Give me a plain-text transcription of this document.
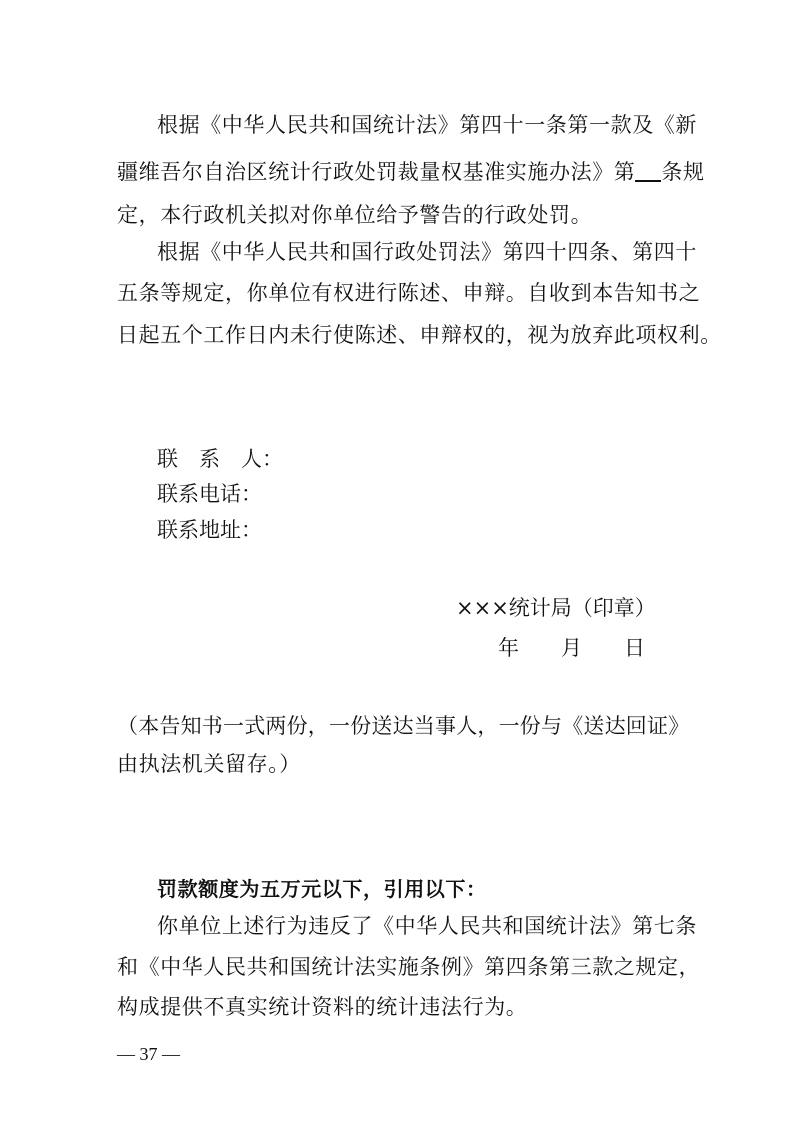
根据《中华人民共和国统计法》第四十一条第一款及《新
疆维吾尔自治区统计行政处罚裁量权基准实施办法》第 条规
定，本行政机关拟对你单位给予警告的行政处罚。
根据《中华人民共和国行政处罚法》第四十四条、第四十
五条等规定，你单位有权进行陈述、申辩。自收到本告知书之
日起五个工作日内未行使陈述、申辩权的，视为放弃此项权利。
联　系　人：
联系电话：
联系地址：
×××统计局（印章）
年　　月　　日
（本告知书一式两份，一份送达当事人，一份与《送达回证》
由执法机关留存。）
罚款额度为五万元以下，引用以下：
你单位上述行为违反了《中华人民共和国统计法》第七条
和《中华人民共和国统计法实施条例》第四条第三款之规定，
构成提供不真实统计资料的统计违法行为。
— 37 —
